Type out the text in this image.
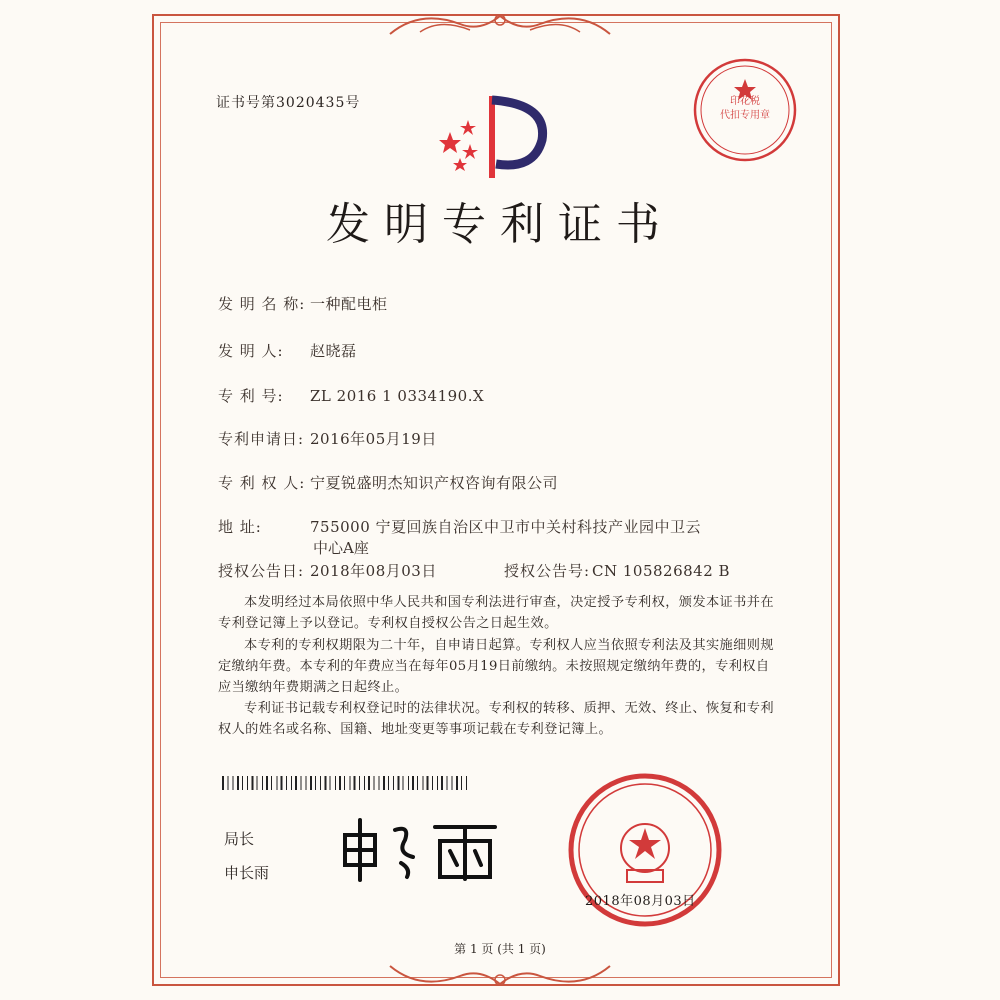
证书号第3020435号	印花税
代扣专用章
发明专利证书
发 明 名 称: 一种配电柜
发 明 人: 赵晓磊
专 利 号: ZL 2016 1 0334190.X
专利申请日: 2016年05月19日
专 利 权 人: 宁夏锐盛明杰知识产权咨询有限公司
地 址:	755000 宁夏回族自治区中卫市中关村科技产业园中卫云
中心A座
授权公告日: 2018年08月03日	授权公告号: CN 105826842 B
本发明经过本局依照中华人民共和国专利法进行审查，决定授予专利权，颁发本证书并在专利登记簿上予以登记。专利权自授权公告之日起生效。
本专利的专利权期限为二十年，自申请日起算。专利权人应当依照专利法及其实施细则规定缴纳年费。本专利的年费应当在每年05月19日前缴纳。未按照规定缴纳年费的，专利权自应当缴纳年费期满之日起终止。
专利证书记载专利权登记时的法律状况。专利权的转移、质押、无效、终止、恢复和专利权人的姓名或名称、国籍、地址变更等事项记载在专利登记簿上。
局长
申长雨
2018年08月03日
第 1 页 (共 1 页)
